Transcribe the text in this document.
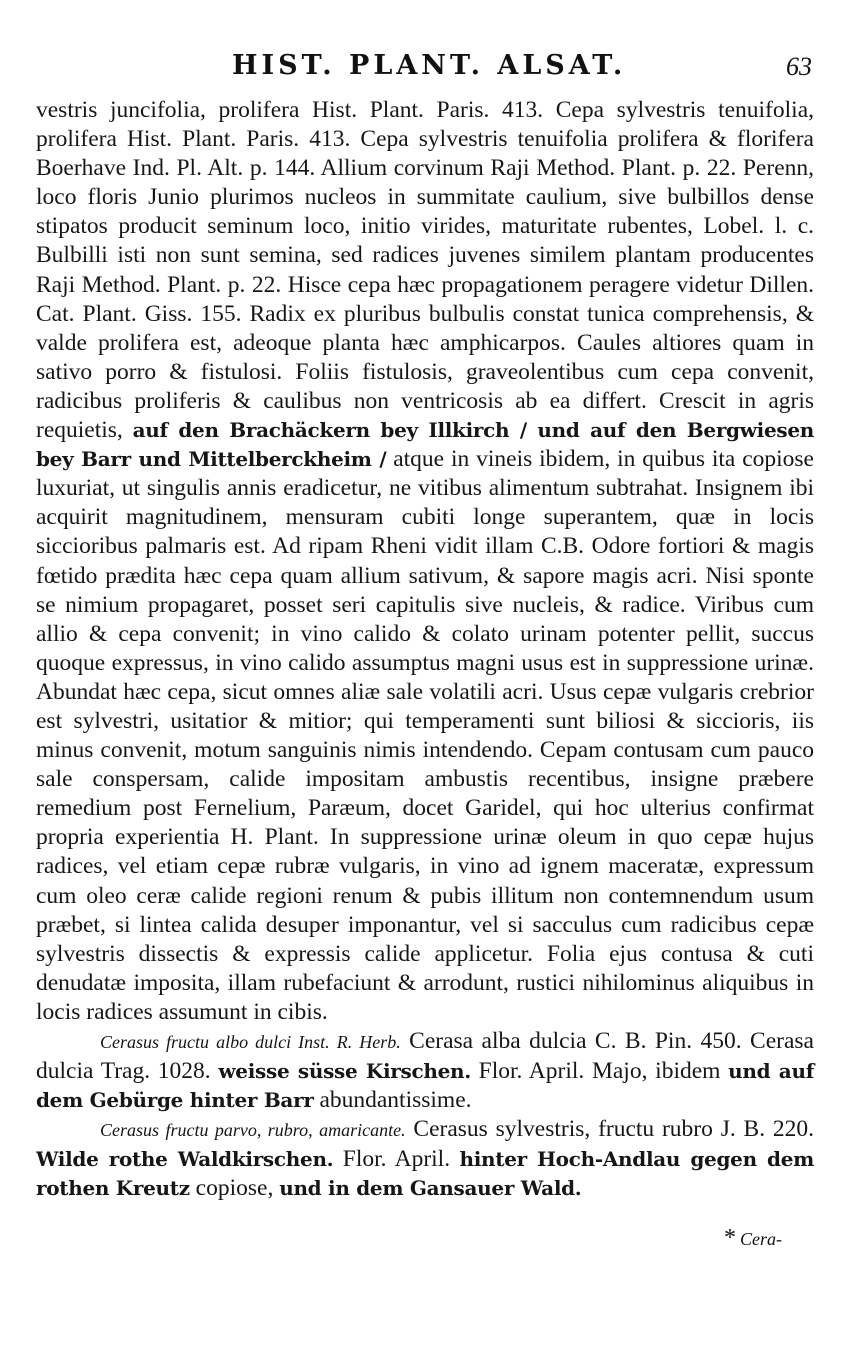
HIST. PLANT. ALSAT.	63

vestris juncifolia, prolifera Hist. Plant. Paris. 413. Cepa sylvestris tenuifolia, prolifera Hist. Plant. Paris. 413. Cepa sylvestris tenuifolia prolifera & florifera Boerhave Ind. Pl. Alt. p. 144. Allium corvinum Raji Method. Plant. p. 22. Perenn, loco floris Junio plurimos nucleos in summitate caulium, sive bulbillos dense stipatos producit seminum loco, initio virides, maturitate rubentes, Lobel. l. c. Bulbilli isti non sunt semina, sed radices juvenes similem plantam producentes Raji Method. Plant. p. 22. Hisce cepa hæc propagationem peragere videtur Dillen. Cat. Plant. Giss. 155. Radix ex pluribus bulbulis constat tunica comprehensis, & valde prolifera est, adeoque planta hæc amphicarpos. Caules altiores quam in sativo porro & fistulosi. Foliis fistulosis, graveolentibus cum cepa convenit, radicibus proliferis & caulibus non ventricosis ab ea differt. Crescit in agris requietis, auf den Brachäckern bey Illkirch / und auf den Bergwiesen bey Barr und Mittelberckheim / atque in vineis ibidem, in quibus ita copiose luxuriat, ut singulis annis eradicetur, ne vitibus alimentum subtrahat. Insignem ibi acquirit magnitudinem, mensuram cubiti longe superantem, quæ in locis siccioribus palmaris est. Ad ripam Rheni vidit illam C.B. Odore fortiori & magis fœtido prædita hæc cepa quam allium sativum, & sapore magis acri. Nisi sponte se nimium propagaret, posset seri capitulis sive nucleis, & radice. Viribus cum allio & cepa convenit; in vino calido & colato urinam potenter pellit, succus quoque expressus, in vino calido assumptus magni usus est in suppressione urinæ. Abundat hæc cepa, sicut omnes aliæ sale volatili acri. Usus cepæ vulgaris crebrior est sylvestri, usitatior & mitior; qui temperamenti sunt biliosi & siccioris, iis minus convenit, motum sanguinis nimis intendendo. Cepam contusam cum pauco sale conspersam, calide impositam ambustis recentibus, insigne præbere remedium post Fernelium, Paræum, docet Garidel, qui hoc ulterius confirmat propria experientia H. Plant. In suppressione urinæ oleum in quo cepæ hujus radices, vel etiam cepæ rubræ vulgaris, in vino ad ignem maceratæ, expressum cum oleo ceræ calide regioni renum & pubis illitum non contemnendum usum præbet, si lintea calida desuper imponantur, vel si sacculus cum radicibus cepæ sylvestris dissectis & expressis calide applicetur. Folia ejus contusa & cuti denudatæ imposita, illam rubefaciunt & arrodunt, rustici nihilominus aliquibus in locis radices assumunt in cibis.

Cerasus fructu albo dulci Inst. R. Herb. Cerasa alba dulcia C. B. Pin. 450. Cerasa dulcia Trag. 1028. weisse süsse Kirschen. Flor. April. Majo, ibidem und auf dem Gebürge hinter Barr abundantissime.

Cerasus fructu parvo, rubro, amaricante. Cerasus sylvestris, fructu rubro J. B. 220. Wilde rothe Waldkirschen. Flor. April. hinter Hoch-Andlau gegen dem rothen Kreutz copiose, und in dem Gansauer Wald.

* Cera-
